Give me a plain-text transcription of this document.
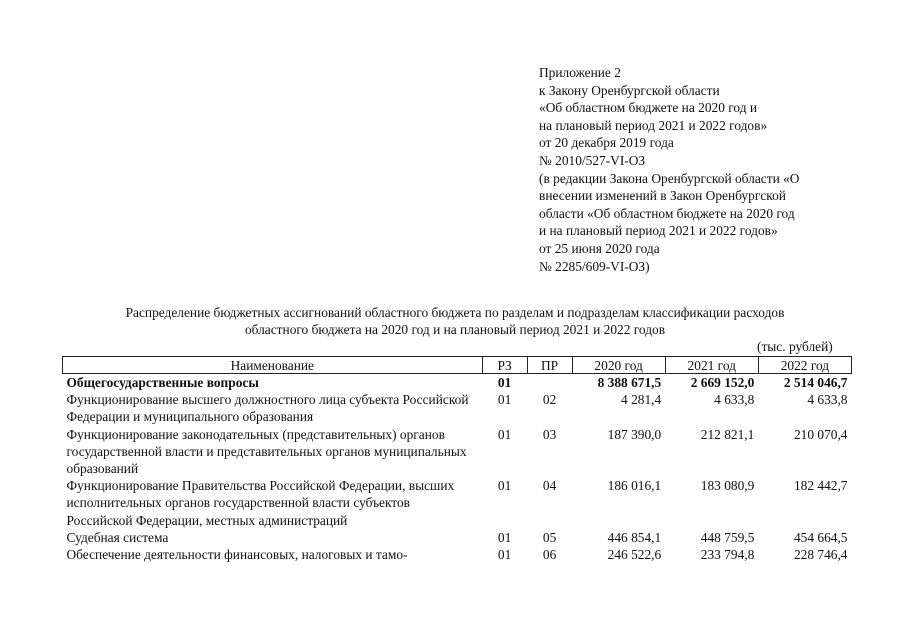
Приложение 2
к Закону Оренбургской области
«Об областном бюджете на 2020 год и
на плановый период 2021 и 2022 годов»
от 20 декабря 2019 года
№ 2010/527-VI-ОЗ
(в редакции Закона Оренбургской области «О
внесении изменений в Закон Оренбургской
области «Об областном бюджете на 2020 год
и на плановый период 2021 и 2022 годов»
от 25 июня 2020 года
№ 2285/609-VI-ОЗ)
Распределение бюджетных ассигнований областного бюджета по разделам и подразделам классификации расходов
областного бюджета на 2020 год и на плановый период 2021 и 2022 годов
(тыс. рублей)
Наименование	РЗ	ПР	2020 год	2021 год	2022 год
Общегосударственные вопросы	01		8 388 671,5	2 669 152,0	2 514 046,7
Функционирование высшего должностного лица субъекта Российской Федерации и муниципального образования	01	02	4 281,4	4 633,8	4 633,8
Функционирование законодательных (представительных) органов государственной власти и представительных органов муниципальных образований	01	03	187 390,0	212 821,1	210 070,4
Функционирование Правительства Российской Федерации, высших исполнительных органов государственной власти субъектов Российской Федерации, местных администраций	01	04	186 016,1	183 080,9	182 442,7
Судебная система	01	05	446 854,1	448 759,5	454 664,5
Обеспечение деятельности финансовых, налоговых и тамо-	01	06	246 522,6	233 794,8	228 746,4
